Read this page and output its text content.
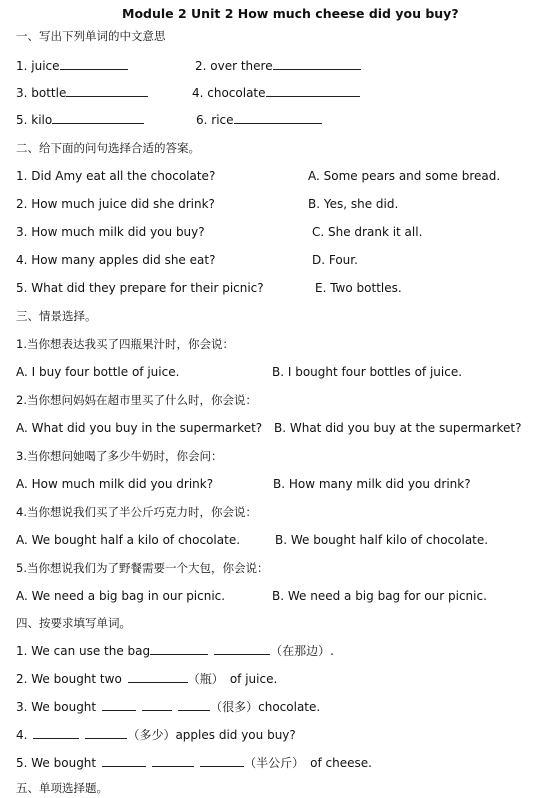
Module 2 Unit 2 How much cheese did you buy?
一、写出下列单词的中文意思
1. juice	2. over there
3. bottle	4. chocolate
5. kilo	6. rice
二、给下面的问句选择合适的答案。
1. Did Amy eat all the chocolate?	A. Some pears and some bread.
2. How much juice did she drink?	B. Yes, she did.
3. How much milk did you buy?	C. She drank it all.
4. How many apples did she eat?	D. Four.
5. What did they prepare for their picnic?	E. Two bottles.
三、情景选择。
1.当你想表达我买了四瓶果汁时，你会说：
A. I buy four bottle of juice.	B. I bought four bottles of juice.
2.当你想问妈妈在超市里买了什么时，你会说：
A. What did you buy in the supermarket? B. What did you buy at the supermarket?
3.当你想问她喝了多少牛奶时，你会问：
A. How much milk did you drink?	B. How many milk did you drink?
4.当你想说我们买了半公斤巧克力时，你会说：
A. We bought half a kilo of chocolate.	B. We bought half kilo of chocolate.
5.当你想说我们为了野餐需要一个大包，你会说：
A. We need a big bag in our picnic.	B. We need a big bag for our picnic.
四、按要求填写单词。
1. We can use the bag	（在那边）.
2. We bought two	（瓶） of juice.
3. We bought	（很多）chocolate.
4.	（多少）apples did you buy?
5. We bought	（半公斤） of cheese.
五、单项选择题。
